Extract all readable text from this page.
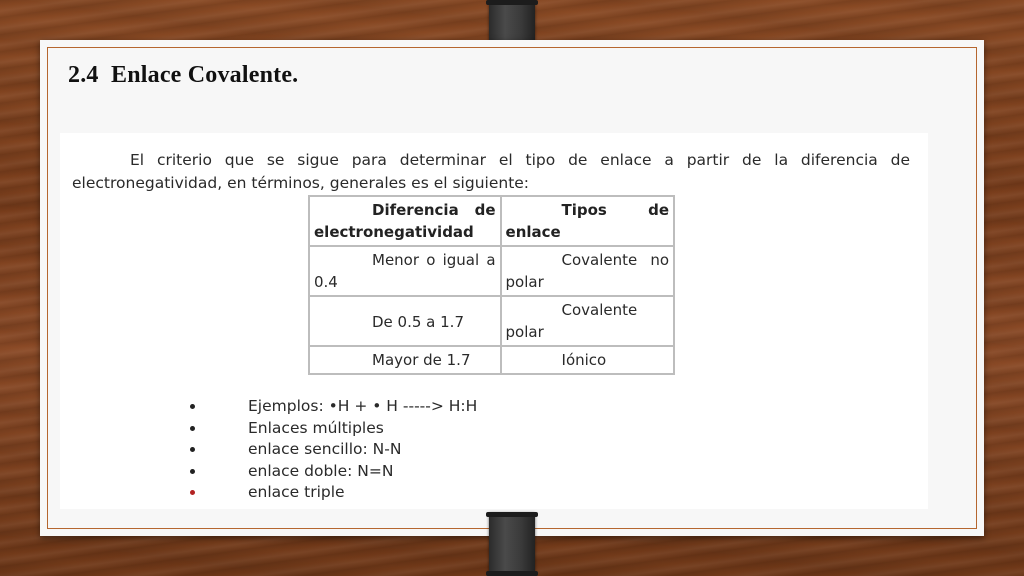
2.4  Enlace Covalente.

El criterio que se sigue para determinar el tipo de enlace a partir de la diferencia de electronegatividad, en términos, generales es el siguiente:

Diferencia de electronegatividad	Tipos de enlace
Menor o igual a 0.4	Covalente no polar
De 0.5 a 1.7	Covalente polar
Mayor de 1.7	Iónico
Ejemplos: •H + • H -----> H:H
Enlaces múltiples
enlace sencillo: N-N
enlace doble: N=N
enlace triple
